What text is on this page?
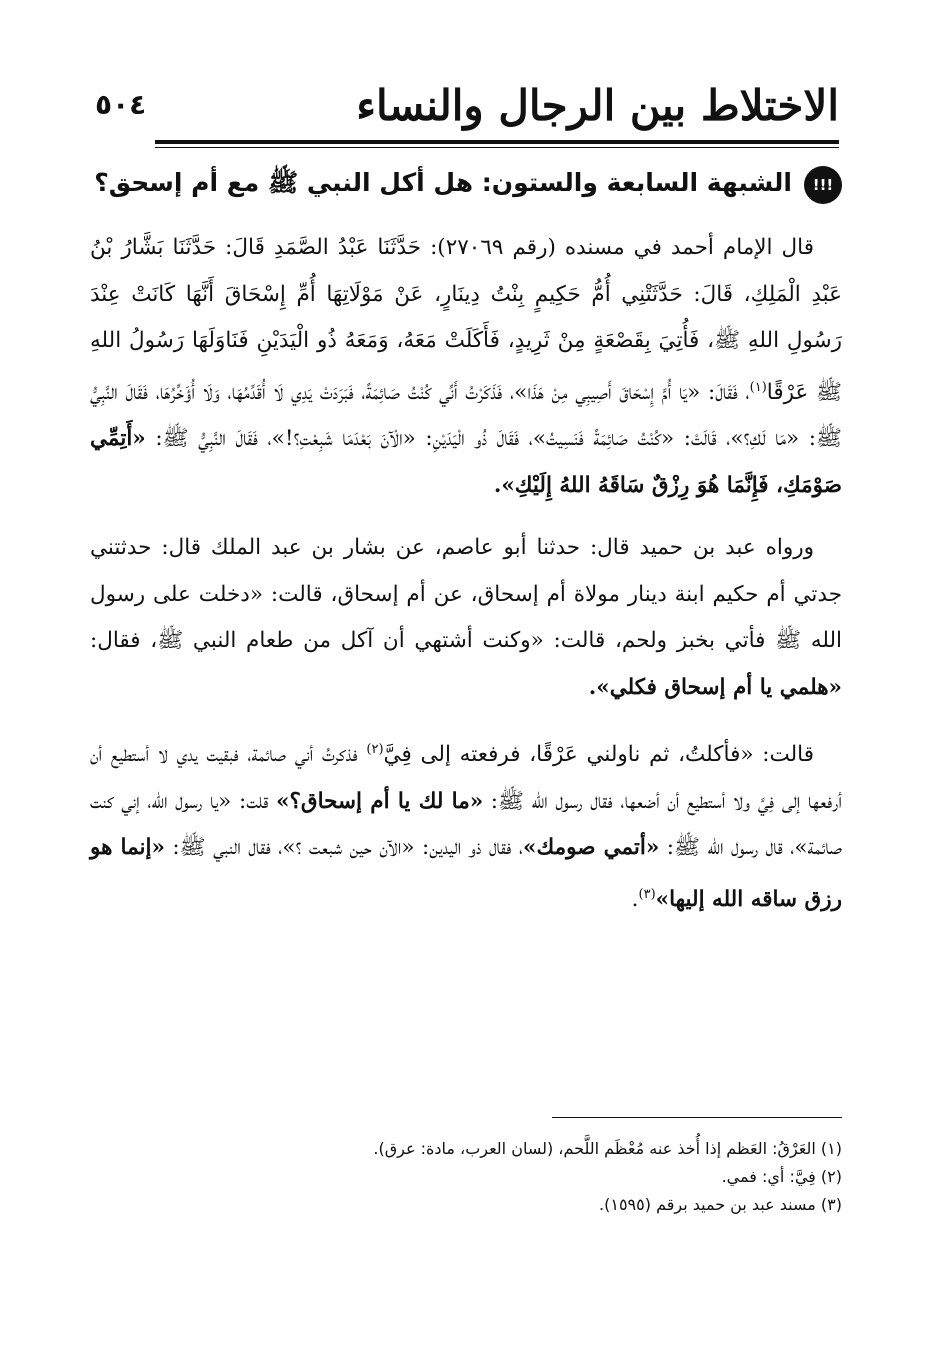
الاختلاط بين الرجال والنساء
٥٠٤
!!!
الشبهة السابعة والستون: هل أكل النبي ﷺ مع أم إسحق؟

قال الإمام أحمد في مسنده (رقم ٢٧٠٦٩): حَدَّثَنَا عَبْدُ الصَّمَدِ قَالَ: حَدَّثَنَا بَشَّارُ بْنُ عَبْدِ الْمَلِكِ، قَالَ: حَدَّثَتْنِي أُمُّ حَكِيمٍ بِنْتُ دِينَارٍ، عَنْ مَوْلَاتِهَا أُمِّ إِسْحَاقَ أَنَّهَا كَانَتْ عِنْدَ رَسُولِ اللهِ ﷺ، فَأُتِيَ بِقَصْعَةٍ مِنْ ثَرِيدٍ، فَأَكَلَتْ مَعَهُ، وَمَعَهُ ذُو الْيَدَيْنِ فَنَاوَلَهَا رَسُولُ اللهِ ﷺ عَرْقًا$^{(١)}$، فَقَالَ: «يَا أُمَّ إِسْحَاقَ أَصِيبِي مِنْ هَذَا»، فَذَكَرْتُ أَنِّي كُنْتُ صَائِمَةً، فَبَرَدَتْ يَدِي لَا أُقَدِّمُهَا، وَلَا أُؤَخِّرُهَا، فَقَالَ النَّبِيُّ ﷺ: «مَا لَكِ؟»، قَالَتْ: «كُنْتُ صَائِمَةً فَنَسِيتُ»، فَقَالَ ذُو الْيَدَيْنِ: «الْآنَ بَعْدَمَا شَبِعْتِ؟!»، فَقَالَ النَّبِيُّ ﷺ: «أَتِمِّي صَوْمَكِ، فَإِنَّمَا هُوَ رِزْقٌ سَاقَهُ اللهُ إِلَيْكِ».

ورواه عبد بن حميد قال: حدثنا أبو عاصم، عن بشار بن عبد الملك قال: حدثتني جدتي أم حكيم ابنة دينار مولاة أم إسحاق، عن أم إسحاق، قالت: «دخلت على رسول الله ﷺ فأتي بخبز ولحم، قالت: «وكنت أشتهي أن آكل من طعام النبي ﷺ، فقال: «هلمي يا أم إسحاق فكلي».

قالت: «فأكلتُ، ثم ناولني عَرْقًا، فرفعته إلى فِيَّ$^{(٢)}$ فذكرتُ أني صائمة، فبقيت يدي لا أستطيع أن أرفعها إلى فِيَّ ولا أستطيع أن أضعها، فقال رسول الله ﷺ: «ما لك يا أم إسحاق؟» قلت: «يا رسول الله، إني كنت صائمة»، قال رسول الله ﷺ: «أتمي صومك»، فقال ذو اليدين: «الآن حين شبعت ؟»، فقال النبي ﷺ: «إنما هو رزق ساقه الله إليها»$^{(٣)}$.

(١) العَرْقُ: العَظم إذا أُخذ عنه مُعْظَم اللَّحم، (لسان العرب، مادة: عرق).

(٢) فِيَّ: أي: فمي.

(٣) مسند عبد بن حميد برقم (١٥٩٥).
